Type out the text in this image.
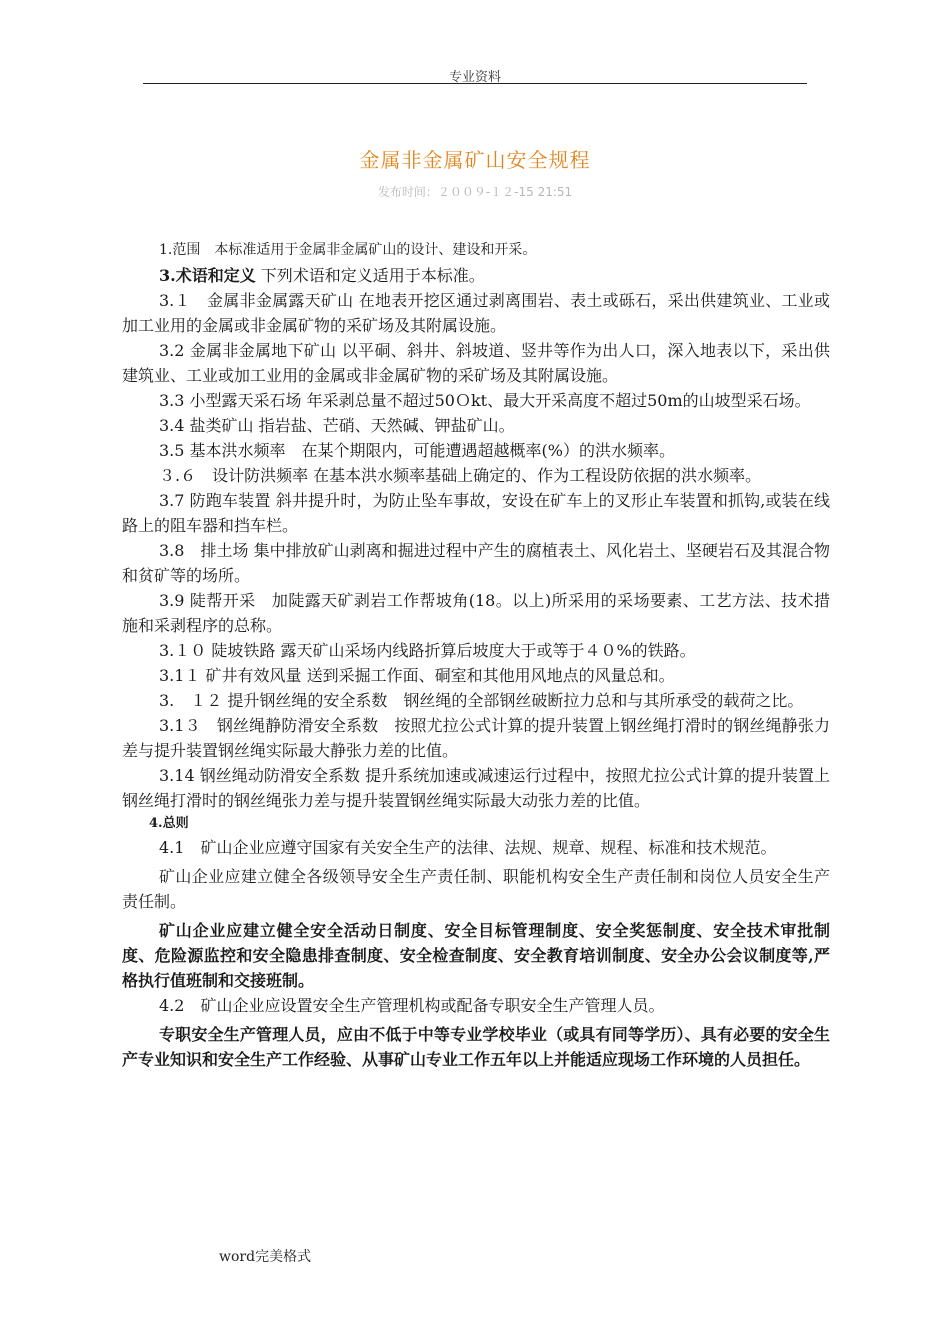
专业资料
金属非金属矿山安全规程
发布时间：２００９-１２-15 21:51

1.范围　本标准适用于金属非金属矿山的设计、建设和开采。

3.术语和定义 下列术语和定义适用于本标准。

3.１　金属非金属露天矿山 在地表开挖区通过剥离围岩、表土或砾石，采出供建筑业、工业或加工业用的金属或非金属矿物的采矿场及其附属设施。

3.2 金属非金属地下矿山 以平硐、斜井、斜坡道、竖井等作为出人口，深入地表以下，采出供建筑业、工业或加工业用的金属或非金属矿物的采矿场及其附属设施。

3.3 小型露天采石场 年采剥总量不超过50Ｏkt、最大开采高度不超过50m的山坡型采石场。

3.4 盐类矿山 指岩盐、芒硝、天然碱、钾盐矿山。

3.5 基本洪水频率　在某个期限内，可能遭遇超越概率(%）的洪水频率。

３.６　设计防洪频率 在基本洪水频率基础上确定的、作为工程设防依据的洪水频率。

3.7 防跑车装置 斜井提升时，为防止坠车事故，安设在矿车上的叉形止车装置和抓钩,或装在线路上的阻车器和挡车栏。

3.8　排土场 集中排放矿山剥离和掘进过程中产生的腐植表土、风化岩土、坚硬岩石及其混合物和贫矿等的场所。

3.9 陡帮开采　加陡露天矿剥岩工作帮坡角(18。以上)所采用的采场要素、工艺方法、技术措施和采剥程序的总称。

3.１０ 陡坡铁路 露天矿山采场内线路折算后坡度大于或等于４０%的铁路。

3.1１ 矿井有效风量 送到采掘工作面、硐室和其他用风地点的风量总和。

3.　１２ 提升钢丝绳的安全系数　钢丝绳的全部钢丝破断拉力总和与其所承受的载荷之比。

3.1３　钢丝绳静防滑安全系数　按照尤拉公式计算的提升装置上钢丝绳打滑时的钢丝绳静张力差与提升装置钢丝绳实际最大静张力差的比值。

3.14 钢丝绳动防滑安全系数 提升系统加速或减速运行过程中，按照尤拉公式计算的提升装置上钢丝绳打滑时的钢丝绳张力差与提升装置钢丝绳实际最大动张力差的比值。

4.总则

4.1　矿山企业应遵守国家有关安全生产的法律、法规、规章、规程、标准和技术规范。

矿山企业应建立健全各级领导安全生产责任制、职能机构安全生产责任制和岗位人员安全生产责任制。

矿山企业应建立健全安全活动日制度、安全目标管理制度、安全奖惩制度、安全技术审批制度、危险源监控和安全隐患排查制度、安全检查制度、安全教育培训制度、安全办公会议制度等,严格执行值班制和交接班制。

4.2　矿山企业应设置安全生产管理机构或配备专职安全生产管理人员。

专职安全生产管理人员，应由不低于中等专业学校毕业（或具有同等学历）、具有必要的安全生产专业知识和安全生产工作经验、从事矿山专业工作五年以上并能适应现场工作环境的人员担任。

word完美格式
